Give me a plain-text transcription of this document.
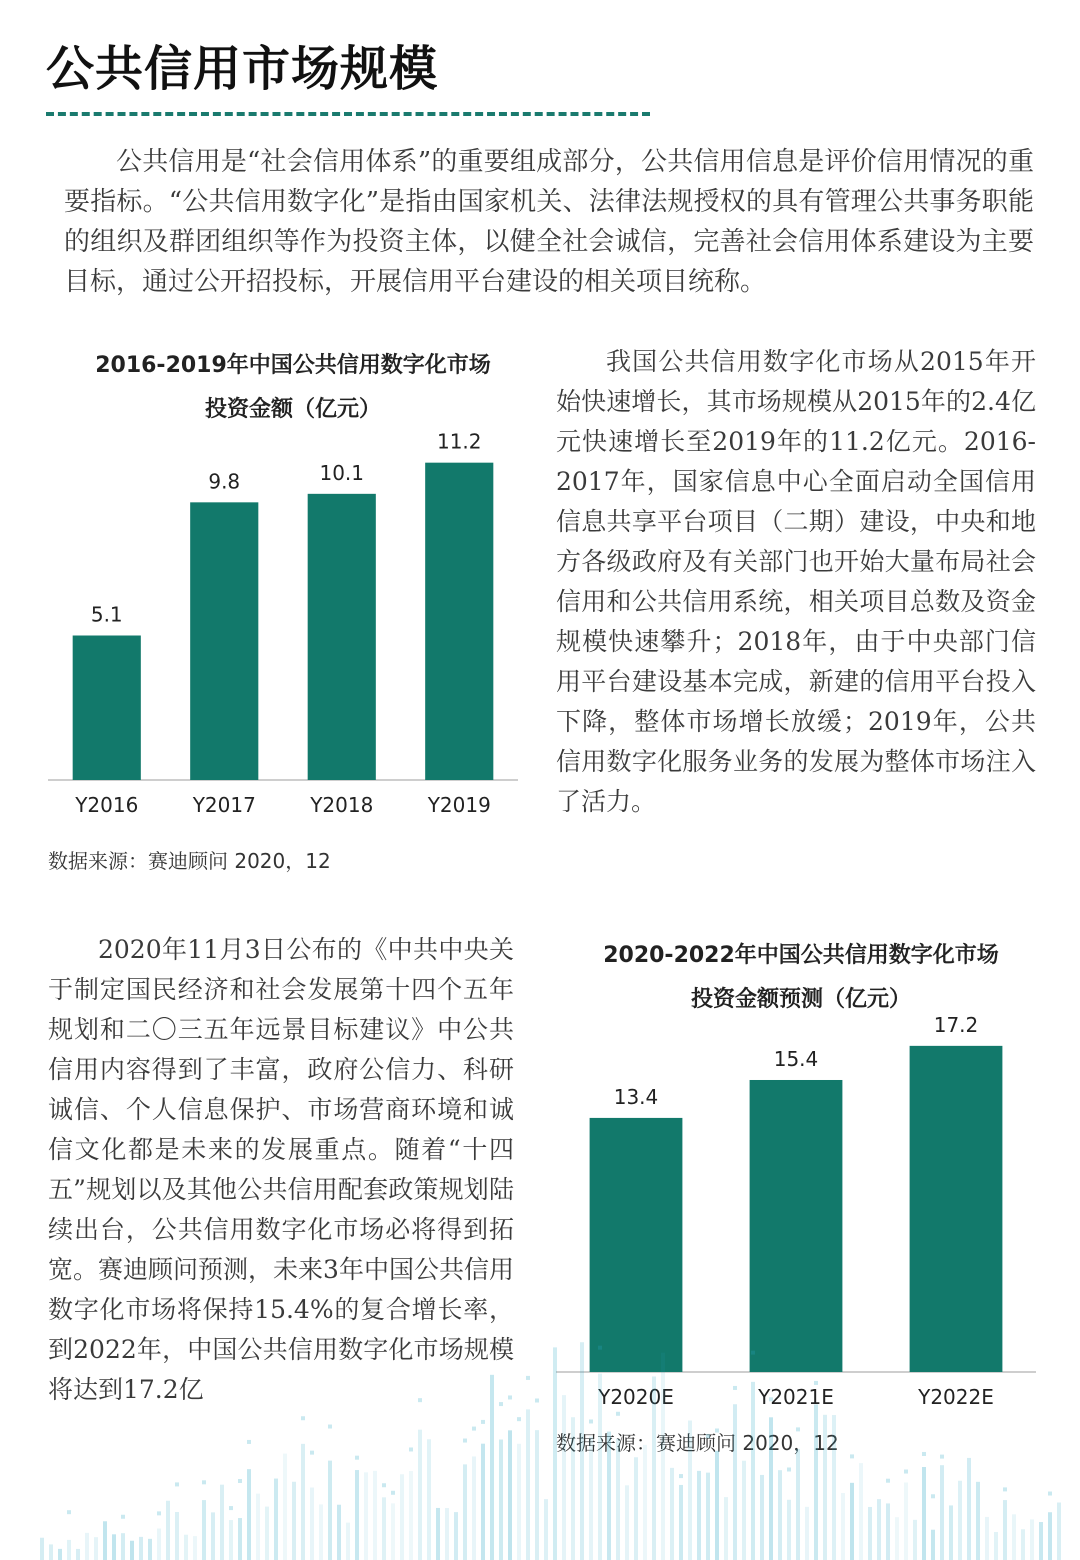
公共信用市场规模

公共信用是“社会信用体系”的重要组成部分，公共信用信息是评价信用情况的重要指标。“公共信用数字化”是指由国家机关、法律法规授权的具有管理公共事务职能的组织及群团组织等作为投资主体，以健全社会诚信，完善社会信用体系建设为主要目标，通过公开招投标，开展信用平台建设的相关项目统称。

2016-2019年中国公共信用数字化市场
投资金额（亿元）
5.1
Y2016
9.8
Y2017
10.1
Y2018
11.2
Y2019
数据来源：赛迪顾问 2020，12

我国公共信用数字化市场从2015年开始快速增长，其市场规模从2015年的2.4亿元快速增长至2019年的11.2亿元。2016-2017年，国家信息中心全面启动全国信用信息共享平台项目（二期）建设，中央和地方各级政府及有关部门也开始大量布局社会信用和公共信用系统，相关项目总数及资金规模快速攀升；2018年，由于中央部门信用平台建设基本完成，新建的信用平台投入下降，整体市场增长放缓；2019年，公共信用数字化服务业务的发展为整体市场注入了活力。

2020年11月3日公布的《中共中央关于制定国民经济和社会发展第十四个五年规划和二〇三五年远景目标建议》中公共信用内容得到了丰富，政府公信力、科研诚信、个人信息保护、市场营商环境和诚信文化都是未来的发展重点。随着“十四五”规划以及其他公共信用配套政策规划陆续出台，公共信用数字化市场必将得到拓宽。赛迪顾问预测，未来3年中国公共信用数字化市场将保持15.4%的复合增长率，到2022年，中国公共信用数字化市场规模将达到17.2亿

2020-2022年中国公共信用数字化市场
投资金额预测（亿元）
13.4
Y2020E
15.4
Y2021E
17.2
Y2022E
数据来源：赛迪顾问 2020，12
